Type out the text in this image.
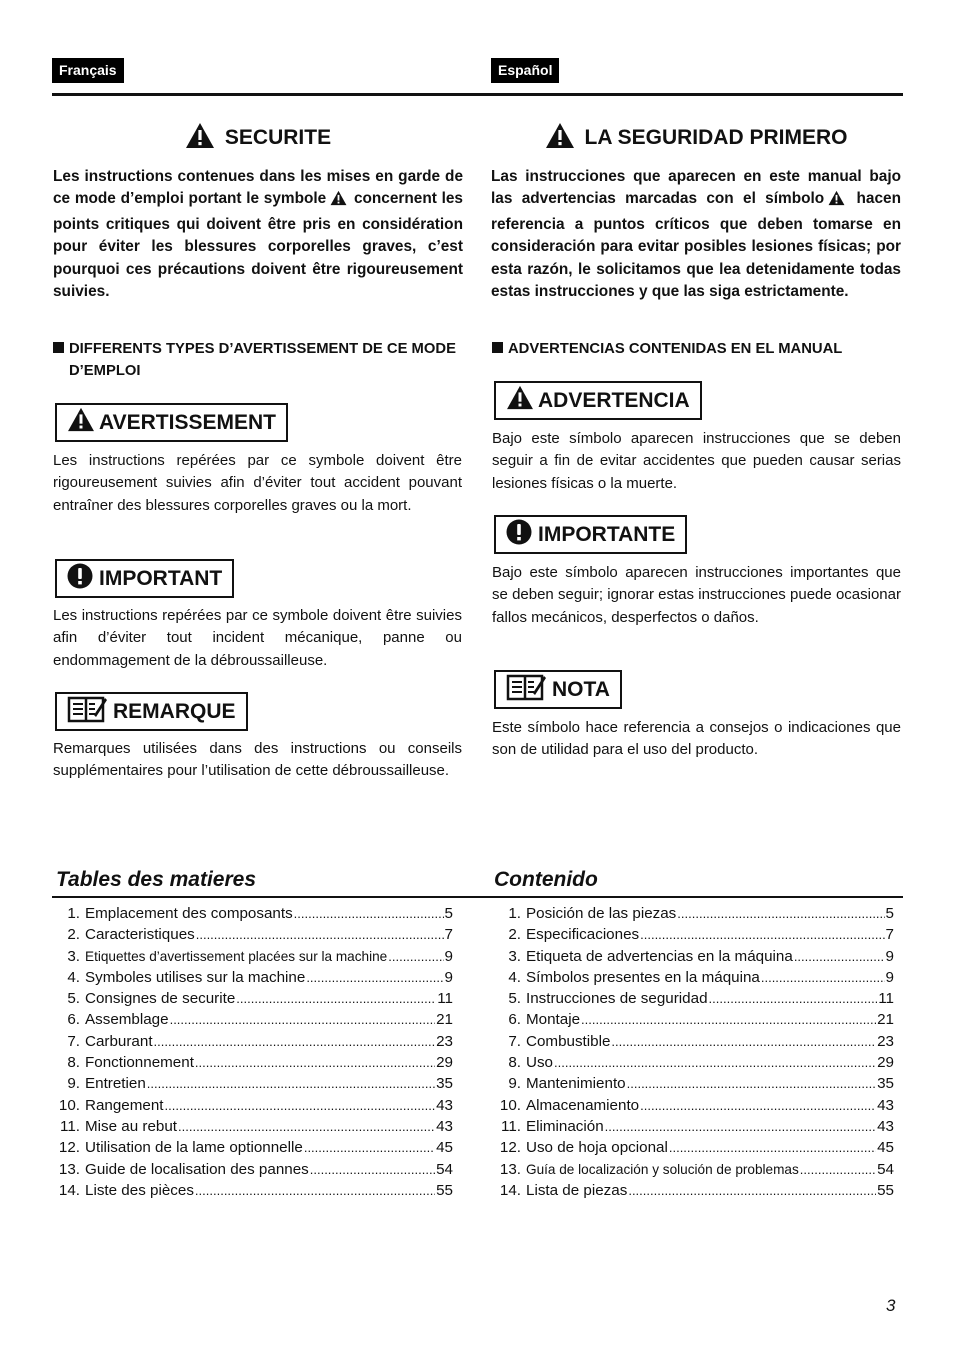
Français	Español
SECURITE

Les instructions contenues dans les mises en garde de ce mode d’emploi portant le symbole concernent les points critiques qui doivent être pris en considération pour éviter les blessures corporelles graves, c’est pourquoi ces précautions doivent être rigoureusement suivies.

DIFFERENTS TYPES D’AVERTISSEMENT DE CE MODE D’EMPLOI
AVERTISSEMENT

Les instructions repérées par ce symbole doivent être rigoureusement suivies afin d’éviter tout accident pouvant entraîner des blessures corporelles graves ou la mort.

IMPORTANT

Les instructions repérées par ce symbole doivent être suivies afin d’éviter tout incident mécanique, panne ou endommagement de la débroussailleuse.

REMARQUE

Remarques utilisées dans des instructions ou conseils supplémentaires pour l’utilisation de cette débroussailleuse.

LA SEGURIDAD PRIMERO

Las instrucciones que aparecen en este manual bajo las advertencias marcadas con el símbolo hacen referencia a puntos críticos que deben tomarse en consideración para evitar posibles lesiones físicas; por esta razón, le solicitamos que lea detenidamente todas estas instrucciones y que las siga estrictamente.

ADVERTENCIAS CONTENIDAS EN EL MANUAL
ADVERTENCIA

Bajo este símbolo aparecen instrucciones que se deben seguir a fin de evitar accidentes que pueden causar serias lesiones físicas o la muerte.

IMPORTANTE

Bajo este símbolo aparecen instrucciones importantes que se deben seguir; ignorar estas instrucciones puede ocasionar fallos mecánicos, desperfectos o daños.

NOTA

Este símbolo hace referencia a consejos o indicaciones que son de utilidad para el uso del producto.

Tables des matieres	Contenido
1. Emplacement des composants .....	5
2. Caracteristiques .....	7
3. Etiquettes d’avertissement placées sur la machine .....	9
4. Symboles utilises sur la machine .....	9
5. Consignes de securite .....	11
6. Assemblage .....	21
7. Carburant .....	23
8. Fonctionnement .....	29
9. Entretien .....	35
10. Rangement .....	43
11. Mise au rebut .....	43
12. Utilisation de la lame optionnelle .....	45
13. Guide de localisation des pannes .....	54
14. Liste des pièces .....	55
1. Posición de las piezas .....	5
2. Especificaciones .....	7
3. Etiqueta de advertencias en la máquina .....	9
4. Símbolos presentes en la máquina .....	9
5. Instrucciones de seguridad .....	11
6. Montaje .....	21
7. Combustible .....	23
8. Uso .....	29
9. Mantenimiento .....	35
10. Almacenamiento .....	43
11. Eliminación .....	43
12. Uso de hoja opcional .....	45
13. Guía de localización y solución de problemas .....	54
14. Lista de piezas .....	55
3
